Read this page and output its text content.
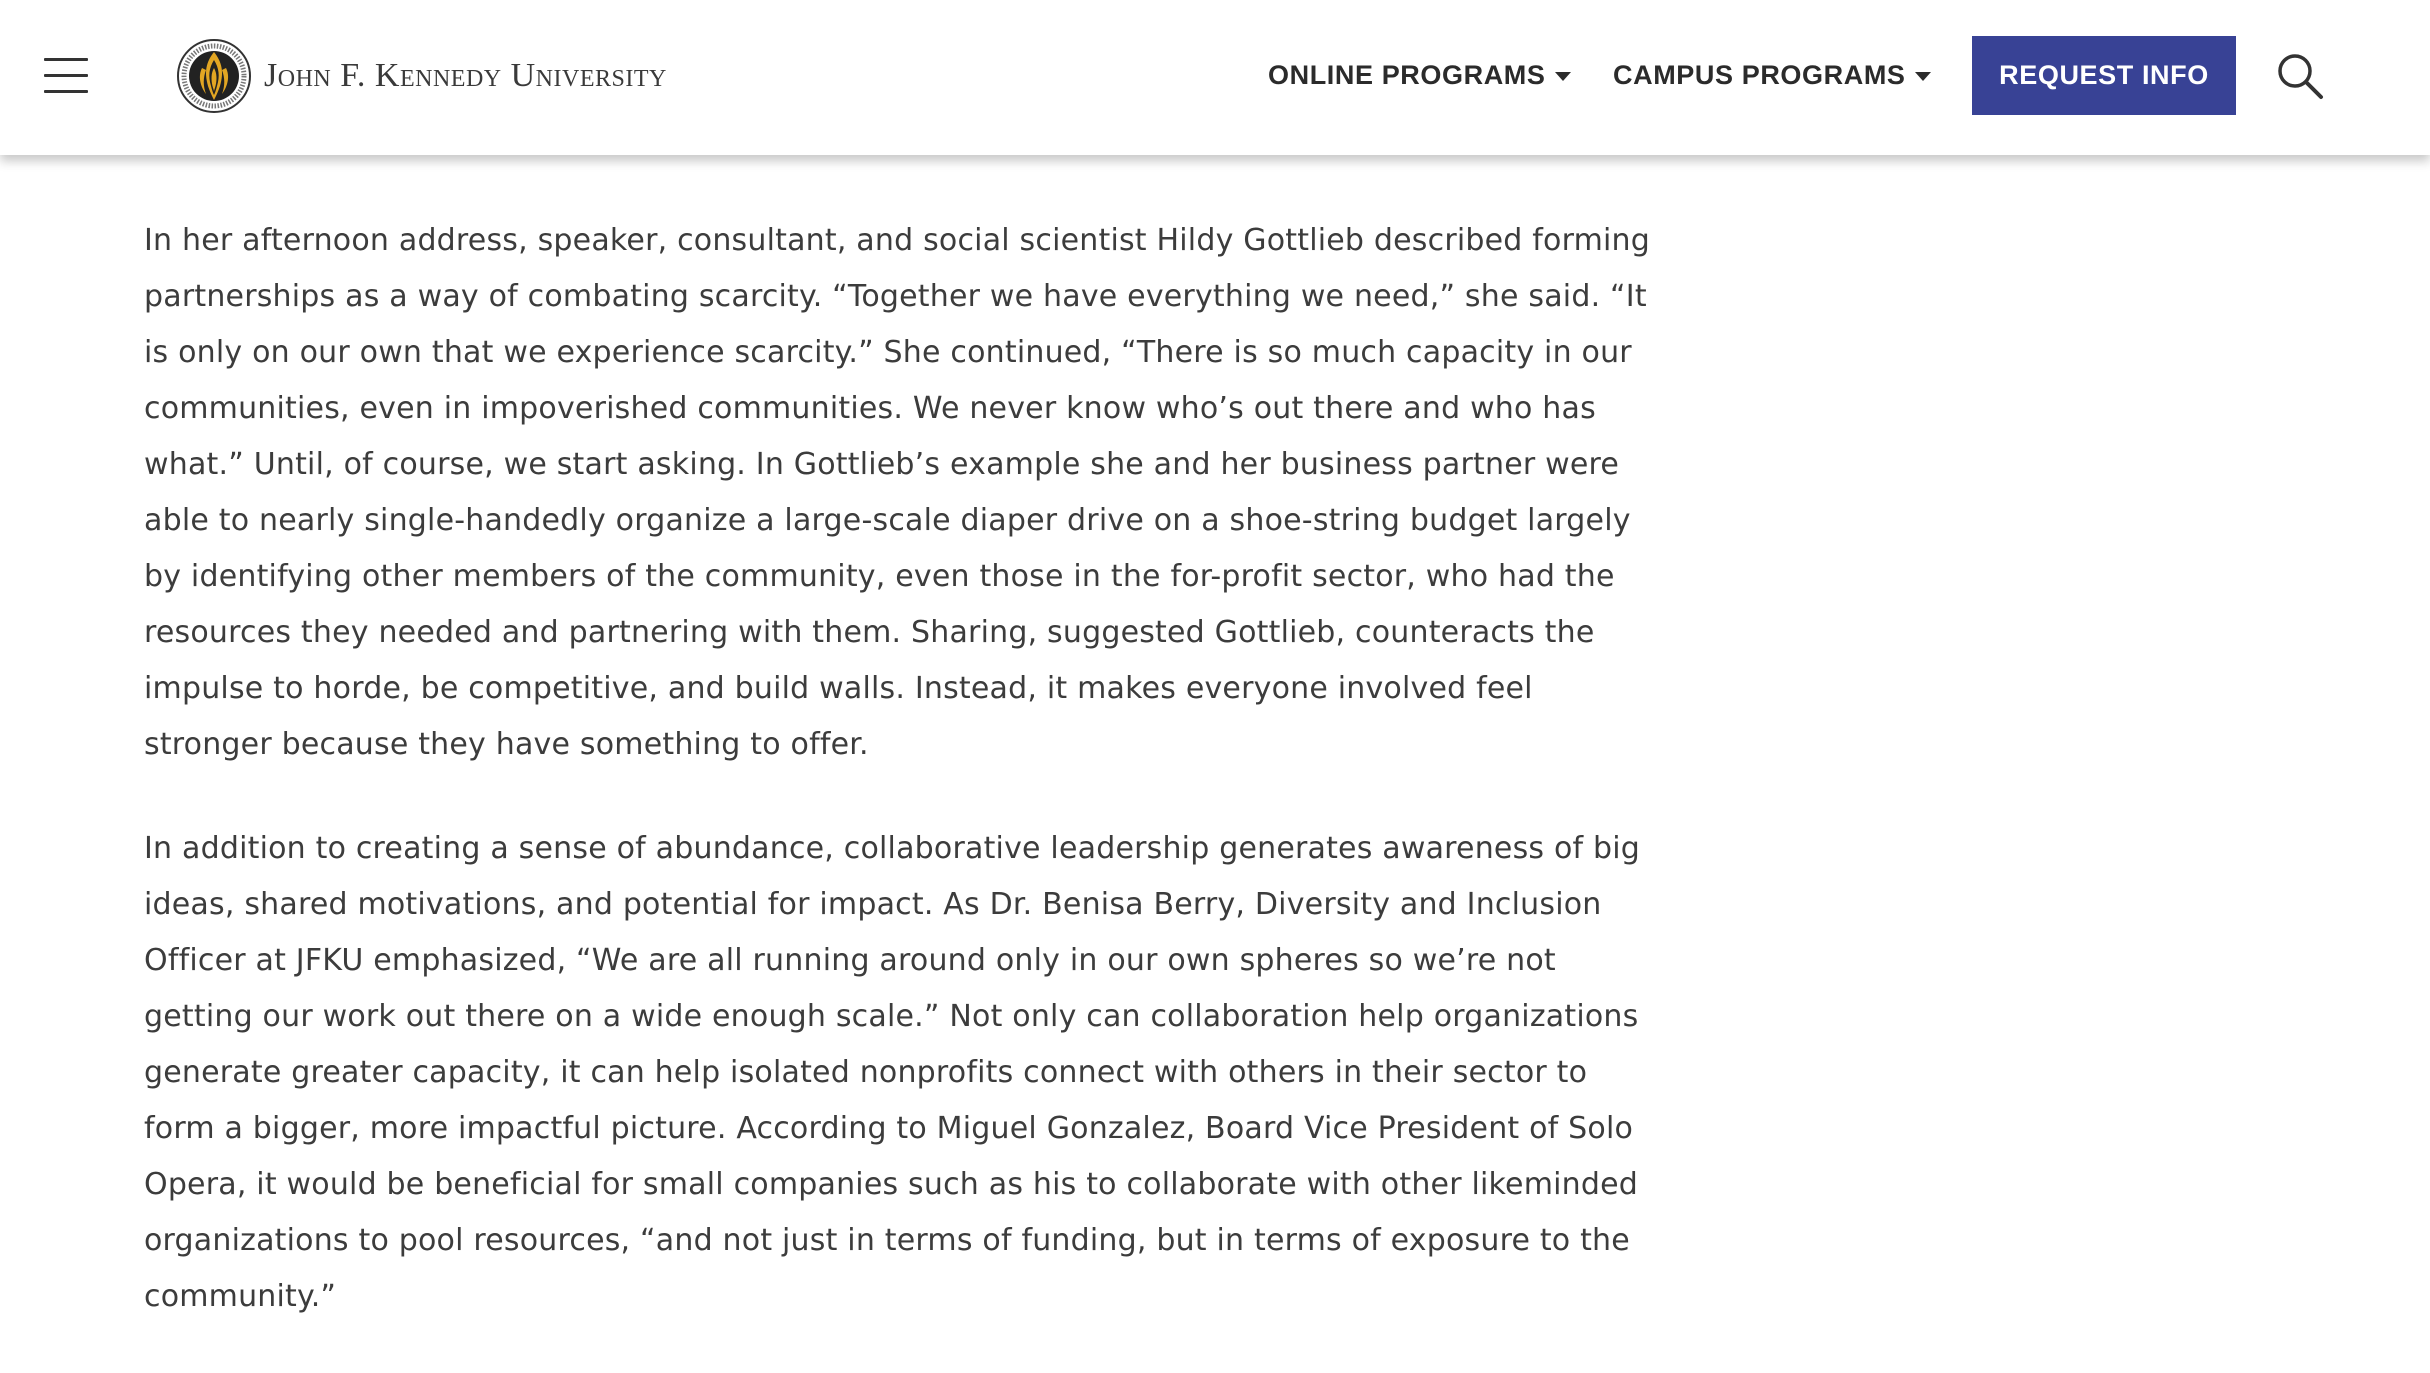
John F. Kennedy University	ONLINE PROGRAMS CAMPUS PROGRAMS	REQUEST INFO

In her afternoon address, speaker, consultant, and social scientist Hildy Gottlieb described forming partnerships as a way of combating scarcity. “Together we have everything we need,” she said. “It is only on our own that we experience scarcity.” She continued, “There is so much capacity in our communities, even in impoverished communities. We never know who’s out there and who has what.” Until, of course, we start asking. In Gottlieb’s example she and her business partner were able to nearly single-handedly organize a large-scale diaper drive on a shoe-string budget largely by identifying other members of the community, even those in the for-profit sector, who had the resources they needed and partnering with them. Sharing, suggested Gottlieb, counteracts the impulse to horde, be competitive, and build walls. Instead, it makes everyone involved feel stronger because they have something to offer.

In addition to creating a sense of abundance, collaborative leadership generates awareness of big ideas, shared motivations, and potential for impact. As Dr. Benisa Berry, Diversity and Inclusion Officer at JFKU emphasized, “We are all running around only in our own spheres so we’re not getting our work out there on a wide enough scale.” Not only can collaboration help organizations generate greater capacity, it can help isolated nonprofits connect with others in their sector to form a bigger, more impactful picture. According to Miguel Gonzalez, Board Vice President of Solo Opera, it would be beneficial for small companies such as his to collaborate with other likeminded organizations to pool resources, “and not just in terms of funding, but in terms of exposure to the community.”
